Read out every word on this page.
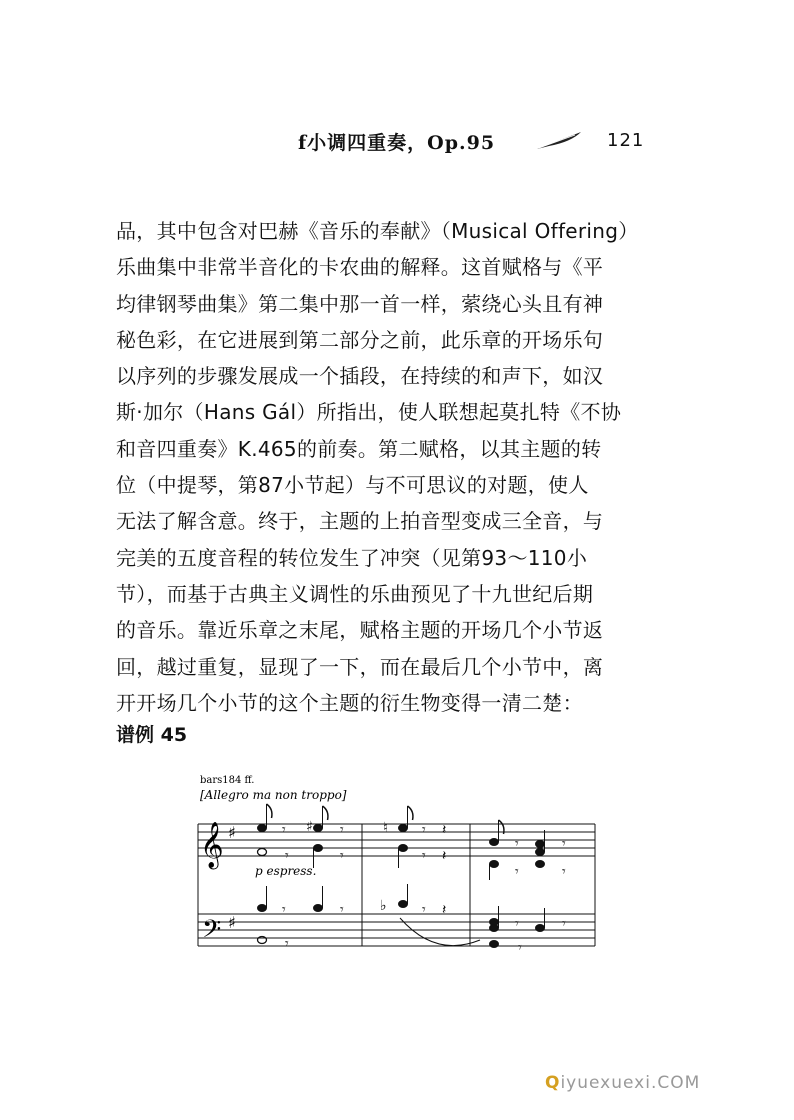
f小调四重奏，Op.95	121
品，其中包含对巴赫《音乐的奉献》（Musical Offering）
乐曲集中非常半音化的卡农曲的解释。这首赋格与《平
均律钢琴曲集》第二集中那一首一样，萦绕心头且有神
秘色彩，在它进展到第二部分之前，此乐章的开场乐句
以序列的步骤发展成一个插段，在持续的和声下，如汉
斯·加尔（Hans Gál）所指出，使人联想起莫扎特《不协
和音四重奏》K.465的前奏。第二赋格，以其主题的转
位（中提琴，第87小节起）与不可思议的对题，使人
无法了解含意。终于，主题的上拍音型变成三全音，与
完美的五度音程的转位发生了冲突（见第93～110小
节），而基于古典主义调性的乐曲预见了十九世纪后期
的音乐。靠近乐章之末尾，赋格主题的开场几个小节返
回，越过重复，显现了一下，而在最后几个小节中，离
开开场几个小节的这个主题的衍生物变得一清二楚：
谱例 45
bars184 ff.
[Allegro ma non troppo]
𝄞
𝄢
♯
♯
♯	♮
𝄾	𝄾
𝄾	𝄾
𝄾 𝄽
𝄾 𝄽
𝄾	𝄾
𝄾	𝄾
p espress.
♭
𝄾	𝄾
𝄾
𝄾 𝄽
𝄾	𝄾
𝄾
Qiyuexuexi.COM
